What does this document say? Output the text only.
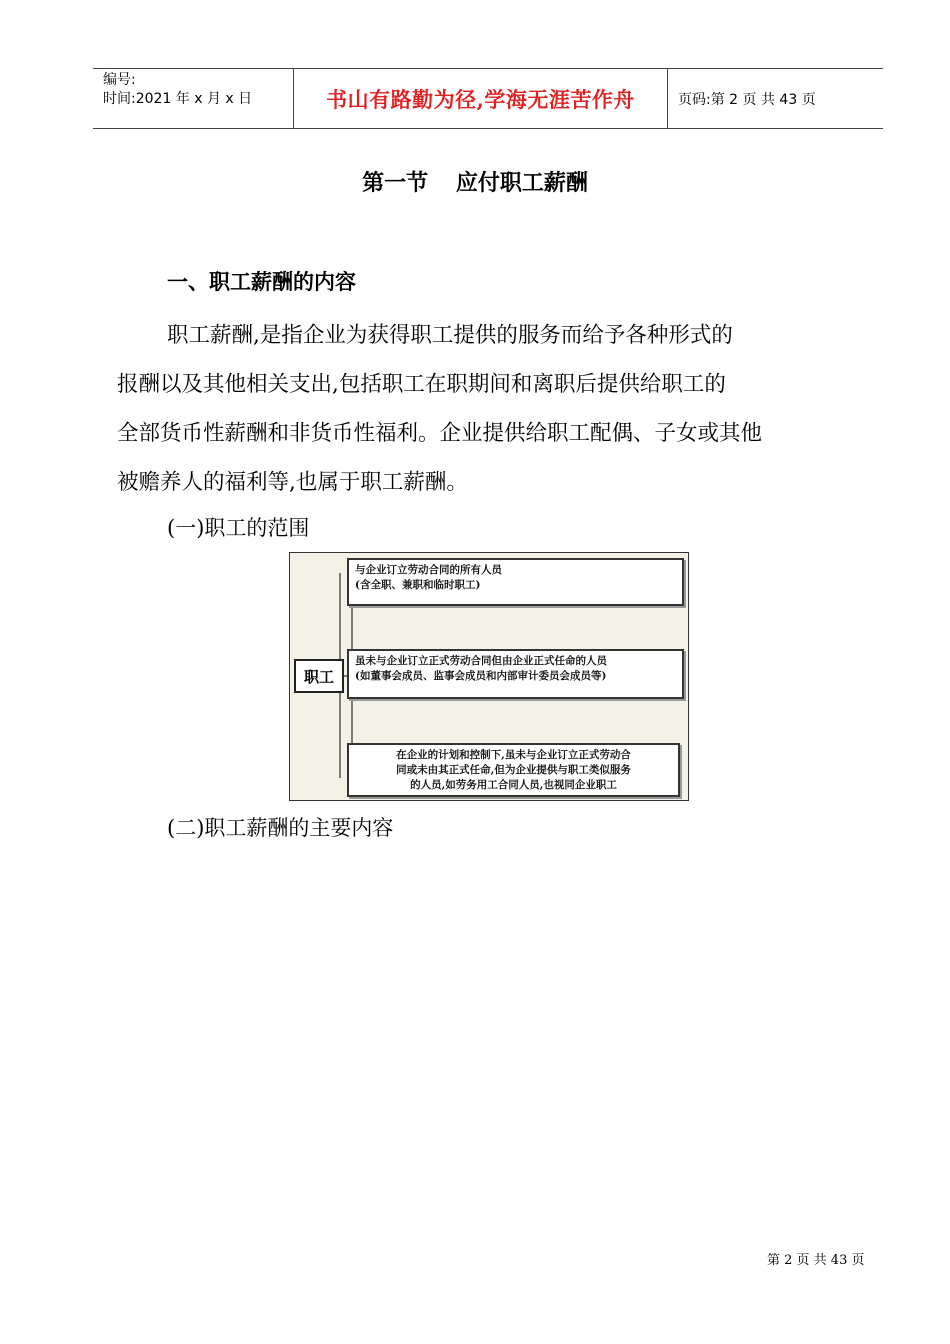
编号:
时间:2021 年 x 月 x 日	书山有路勤为径,学海无涯苦作舟	页码:第 2 页 共 43 页
第一节 应付职工薪酬
一、职工薪酬的内容
职工薪酬,是指企业为获得职工提供的服务而给予各种形式的
报酬以及其他相关支出,包括职工在职期间和离职后提供给职工的
全部货币性薪酬和非货币性福利。企业提供给职工配偶、子女或其他
被赡养人的福利等,也属于职工薪酬。
(一)职工的范围
职工
与企业订立劳动合同的所有人员
(含全职、兼职和临时职工)
虽未与企业订立正式劳动合同但由企业正式任命的人员
(如董事会成员、监事会成员和内部审计委员会成员等)
在企业的计划和控制下,虽未与企业订立正式劳动合
同或未由其正式任命,但为企业提供与职工类似服务
的人员,如劳务用工合同人员,也视同企业职工
(二)职工薪酬的主要内容
第 2 页 共 43 页
